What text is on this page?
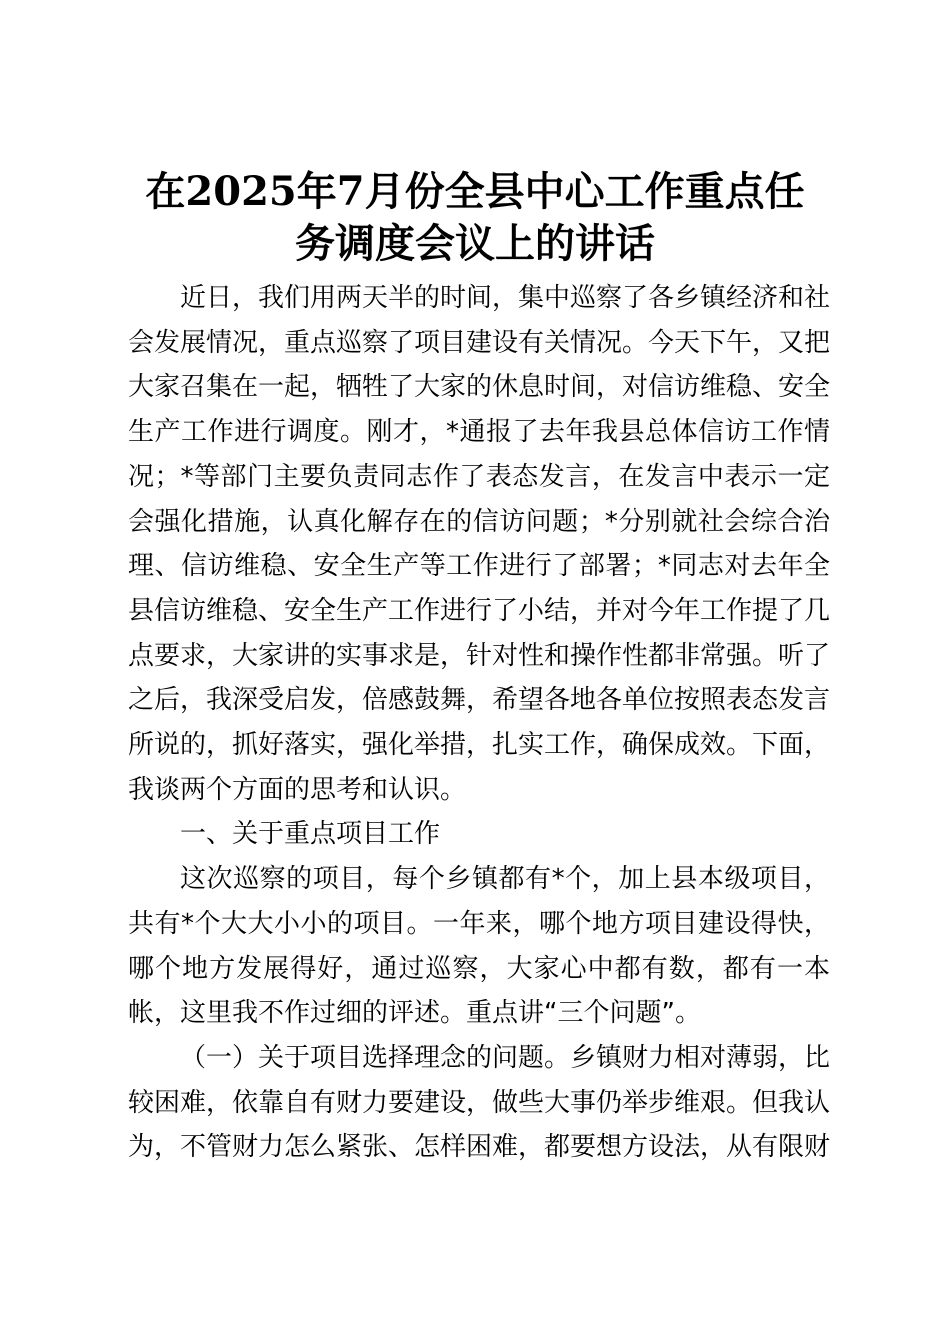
在2025年7月份全县中心工作重点任
务调度会议上的讲话

近日，我们用两天半的时间，集中巡察了各乡镇经济和社会发展情况，重点巡察了项目建设有关情况。今天下午，又把大家召集在一起，牺牲了大家的休息时间，对信访维稳、安全生产工作进行调度。刚才，*通报了去年我县总体信访工作情况；*等部门主要负责同志作了表态发言，在发言中表示一定会强化措施，认真化解存在的信访问题；*分别就社会综合治理、信访维稳、安全生产等工作进行了部署；*同志对去年全县信访维稳、安全生产工作进行了小结，并对今年工作提了几点要求，大家讲的实事求是，针对性和操作性都非常强。听了之后，我深受启发，倍感鼓舞，希望各地各单位按照表态发言所说的，抓好落实，强化举措，扎实工作，确保成效。下面，我谈两个方面的思考和认识。

一、关于重点项目工作

这次巡察的项目，每个乡镇都有*个，加上县本级项目，共有*个大大小小的项目。一年来，哪个地方项目建设得快，哪个地方发展得好，通过巡察，大家心中都有数，都有一本帐，这里我不作过细的评述。重点讲“三个问题”。

（一）关于项目选择理念的问题。乡镇财力相对薄弱，比较困难，依靠自有财力要建设，做些大事仍举步维艰。但我认为，不管财力怎么紧张、怎样困难，都要想方设法，从有限财
